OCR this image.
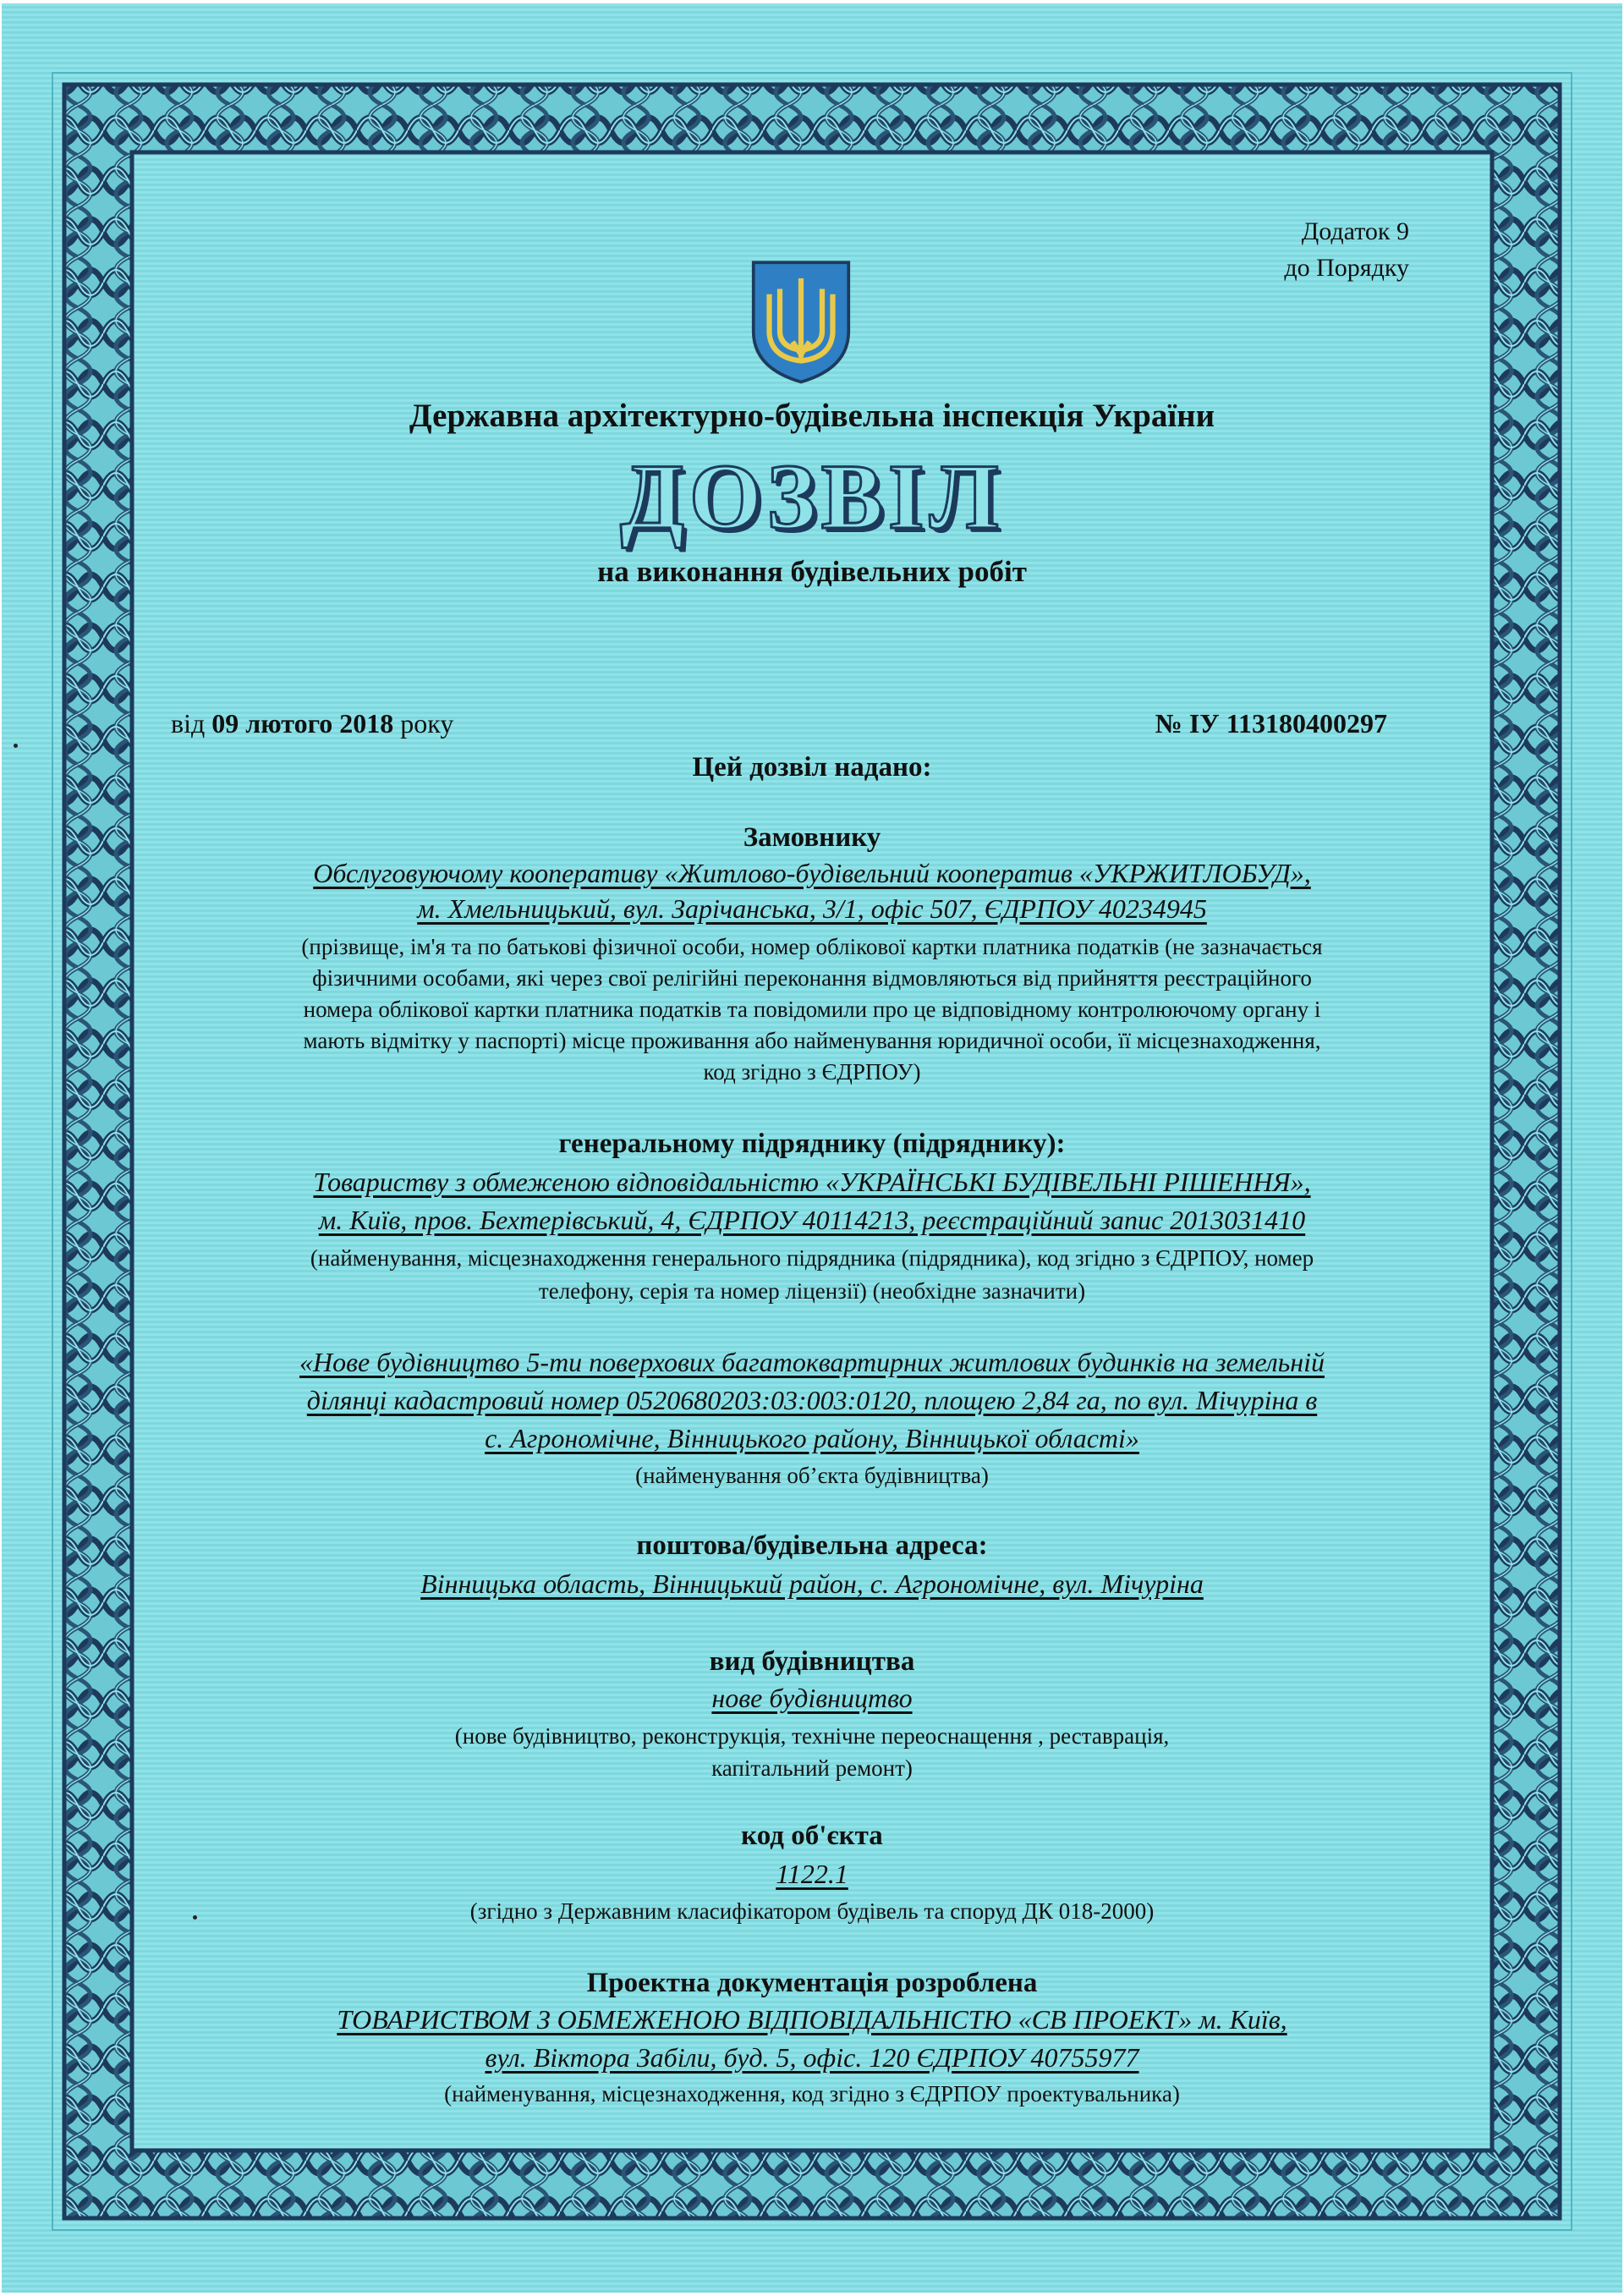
Додаток 9
до Порядку
Державна архітектурно-будівельна інспекція України
ДОЗВІЛ
на виконання будівельних робіт
від 09 лютого 2018 року	№ ІУ 113180400297
Цей дозвіл надано:
Замовнику
Обслуговуючому кооперативу «Житлово-будівельний кооператив «УКРЖИТЛОБУД»,
м. Хмельницький, вул. Зарічанська, 3/1, офіс 507, ЄДРПОУ 40234945
(прізвище, ім'я та по батькові фізичної особи, номер облікової картки платника податків (не зазначається
фізичними особами, які через свої релігійні переконання відмовляються від прийняття реєстраційного
номера облікової картки платника податків та повідомили про це відповідному контролюючому органу і
мають відмітку у паспорті) місце проживання або найменування юридичної особи, її місцезнаходження,
код згідно з ЄДРПОУ)
генеральному підряднику (підряднику):
Товариству з обмеженою відповідальністю «УКРАЇНСЬКІ БУДІВЕЛЬНІ РІШЕННЯ»,
м. Київ, пров. Бехтерівський, 4, ЄДРПОУ 40114213, реєстраційний запис 2013031410
(найменування, місцезнаходження генерального підрядника (підрядника), код згідно з ЄДРПОУ, номер
телефону, серія та номер ліцензії) (необхідне зазначити)
«Нове будівництво 5-ти поверхових багатоквартирних житлових будинків на земельній
ділянці кадастровий номер 0520680203:03:003:0120, площею 2,84 га, по вул. Мічуріна в
с. Агрономічне, Вінницького району, Вінницької області»
(найменування об’єкта будівництва)
поштова/будівельна адреса:
Вінницька область, Вінницький район, с. Агрономічне, вул. Мічуріна
вид будівництва
нове будівництво
(нове будівництво, реконструкція, технічне переоснащення , реставрація,
капітальний ремонт)
код об'єкта
1122.1
(згідно з Державним класифікатором будівель та споруд ДК 018-2000)
Проектна документація розроблена
ТОВАРИСТВОМ З ОБМЕЖЕНОЮ ВІДПОВІДАЛЬНІСТЮ «СВ ПРОЕКТ» м. Київ,
вул. Віктора Забіли, буд. 5, офіс. 120 ЄДРПОУ 40755977
(найменування, місцезнаходження, код згідно з ЄДРПОУ проектувальника)
